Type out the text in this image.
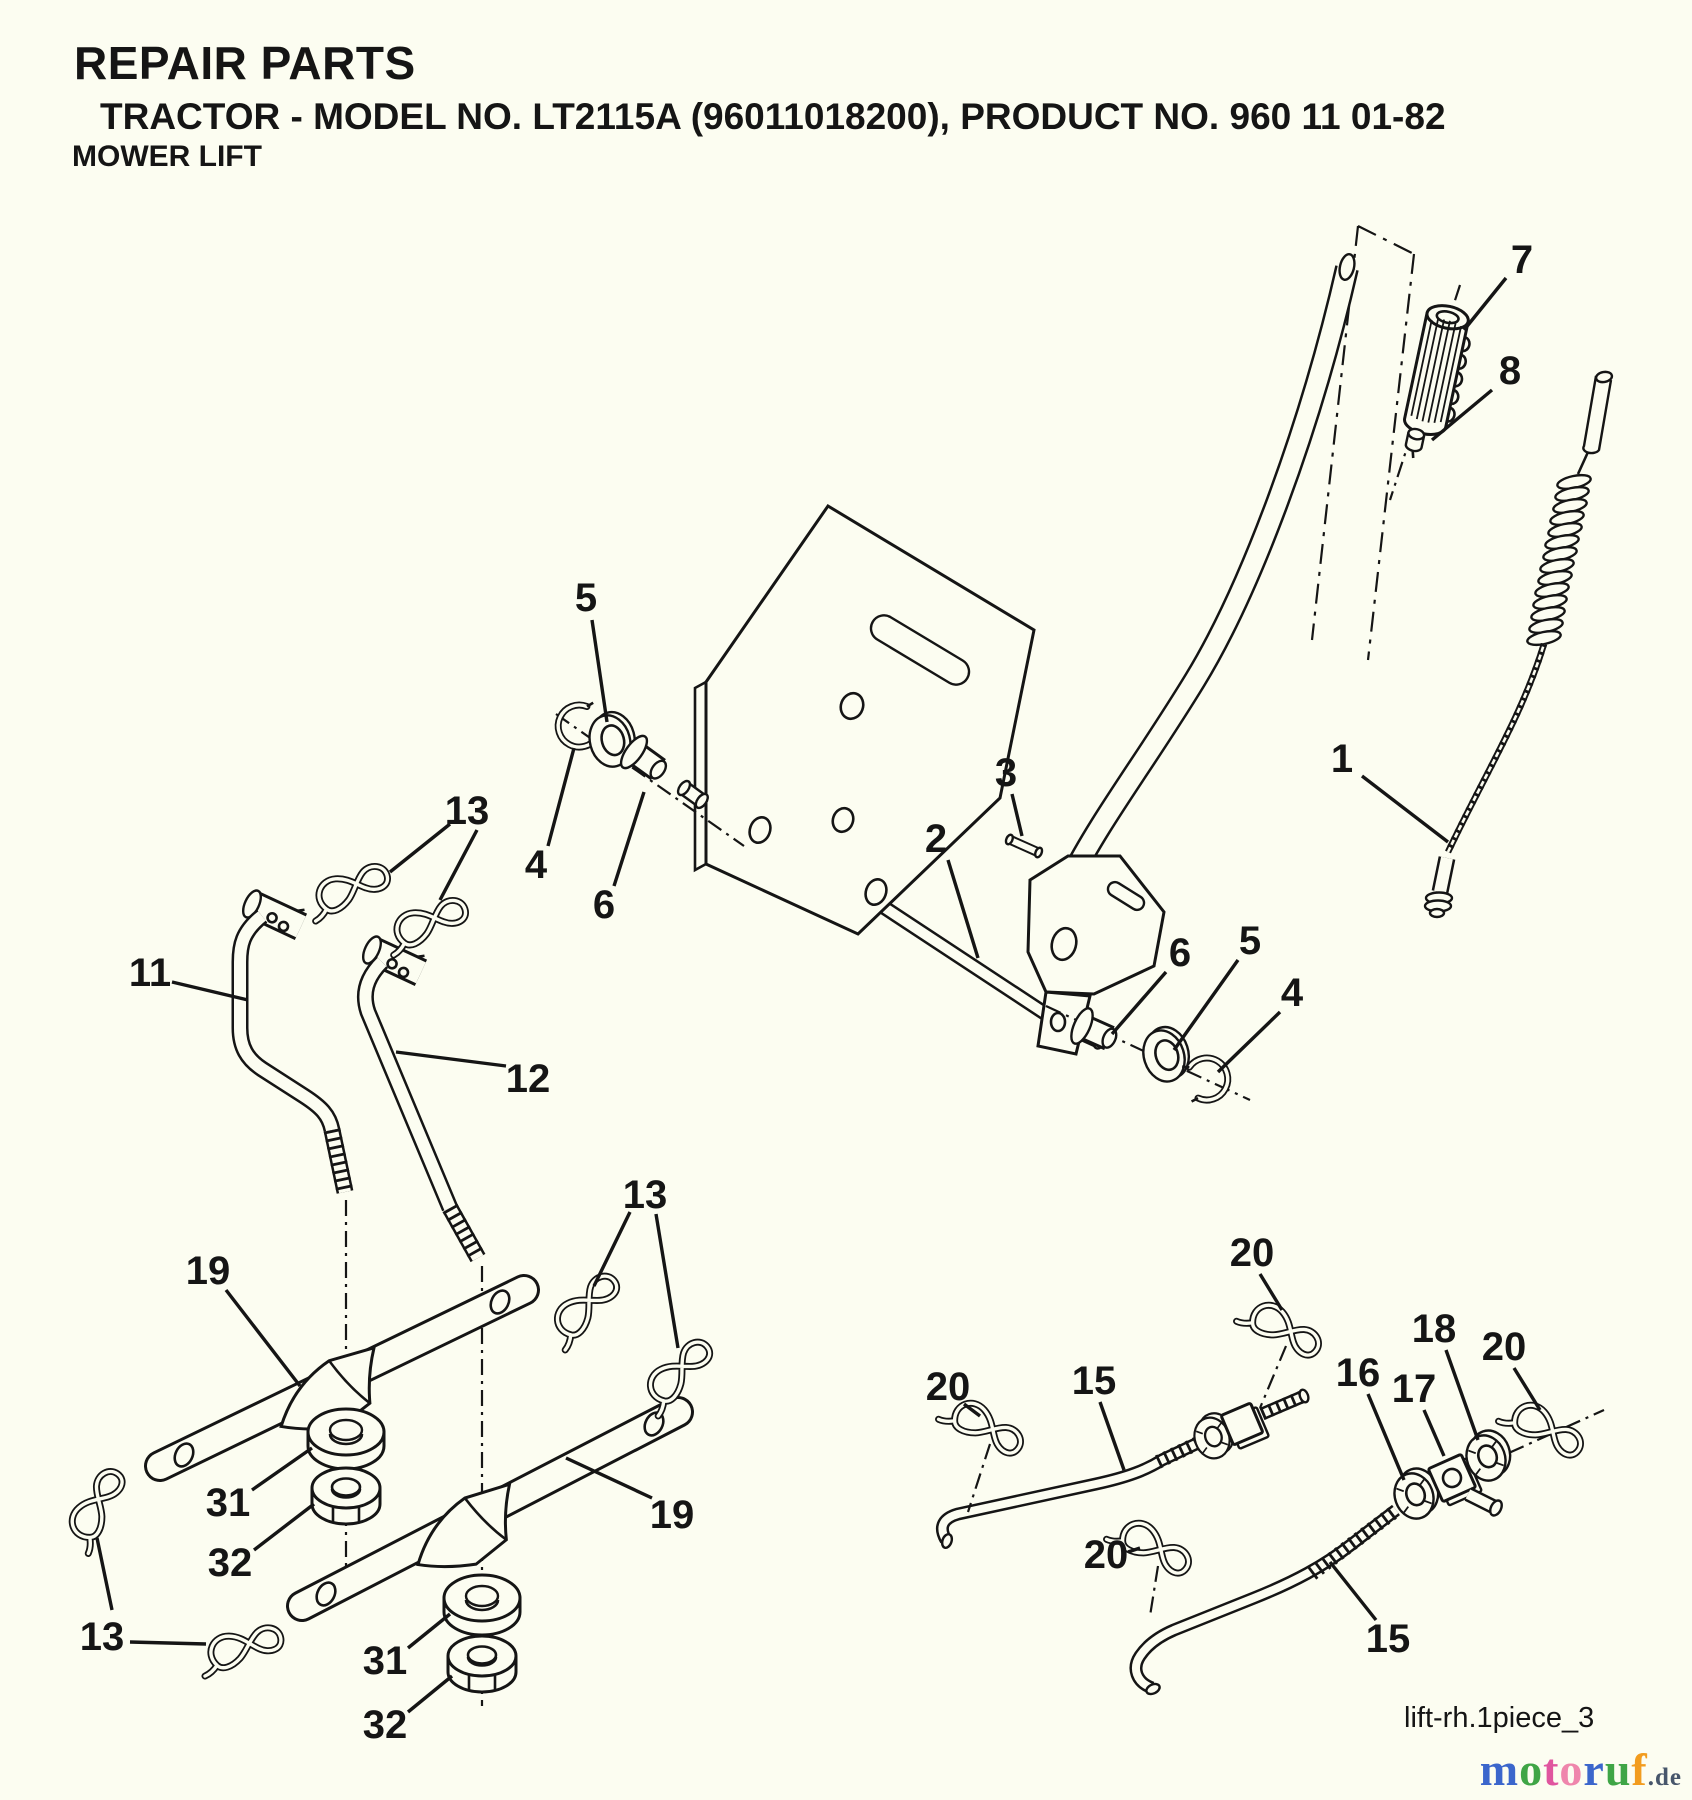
REPAIR PARTS
TRACTOR - MODEL NO. LT2115A (96011018200), PRODUCT NO. 960 11 01-82
MOWER LIFT
7
8
1
3
2
5
13
4
6
11
12
6 5
4
13
19
31
32
19
13
31
32
20	15
20
16 17
18 20
20
15
lift-rh.1piece_3
motoruf.de
